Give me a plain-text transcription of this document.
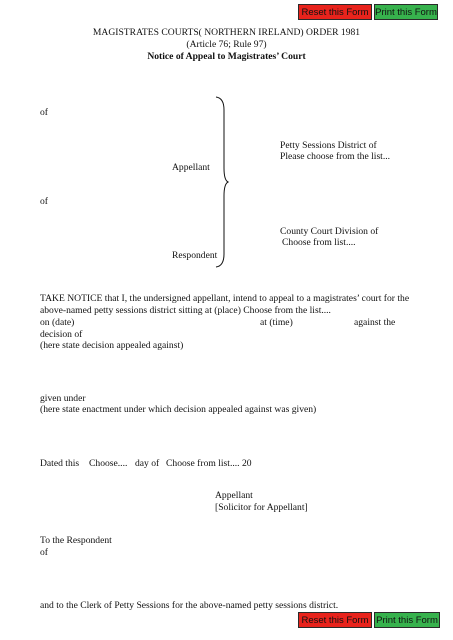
Reset this Form Print this Form
MAGISTRATES COURTS( NORTHERN IRELAND) ORDER 1981
(Article 76; Rule 97)
Notice of Appeal to Magistrates’ Court
of
Appellant
of
Respondent
Petty Sessions District of
Please choose from the list...
County Court Division of
Choose from list....
TAKE NOTICE that I, the undersigned appellant, intend to appeal to a magistrates’ court for the
above-named petty sessions district sitting at (place) Choose from the list....
on (date)	at (time)	against the
decision of
(here state decision appealed against)
given under
(here state enactment under which decision appealed against was given)
Dated this Choose.... day of Choose from list.... 20
Appellant
[Solicitor for Appellant]
To the Respondent
of
and to the Clerk of Petty Sessions for the above-named petty sessions district.
Reset this Form Print this Form
